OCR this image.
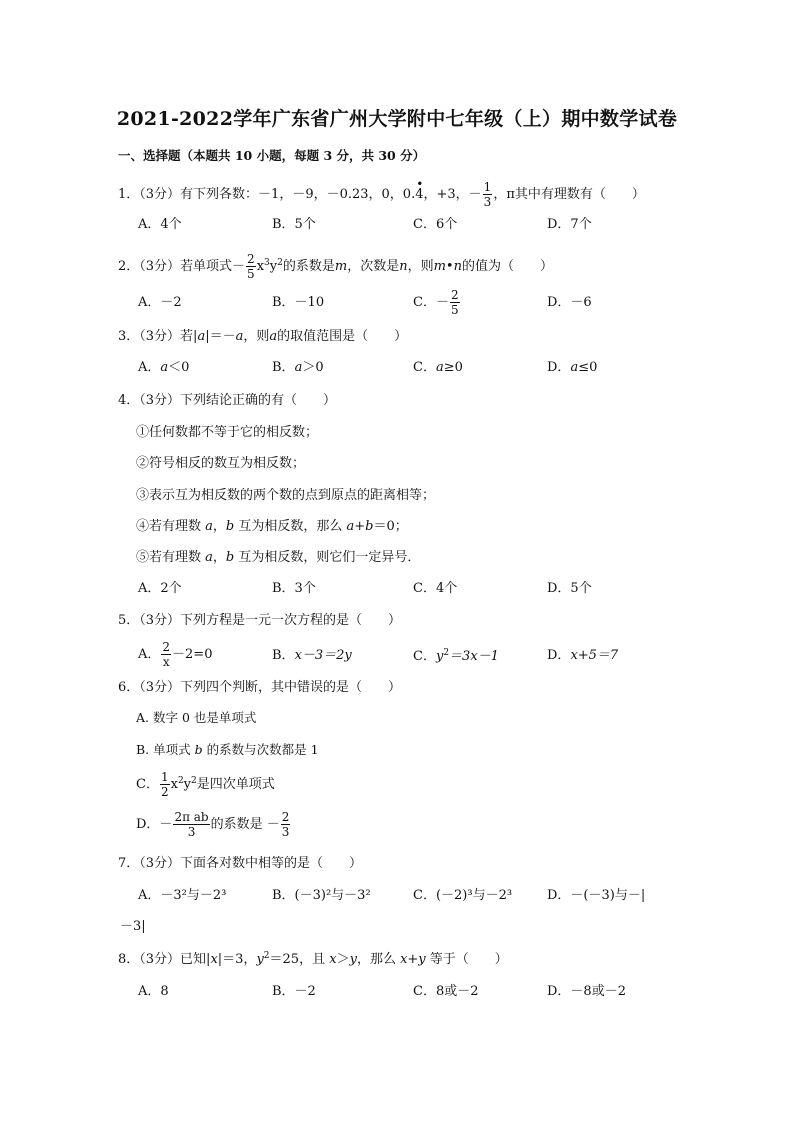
2021-2022学年广东省广州大学附中七年级（上）期中数学试卷
一、选择题（本题共 10 小题，每题 3 分，共 30 分）
1．（3分）有下列各数：－1，－9，－0.23，0，0.
•
4，+3，－ $\frac{1}{3}$ ，π其中有理数有（　　）
A．4个	B．5个	C．6个	D．7个
2．（3分）若单项式－ $\frac{2}{5} x^3y^2$的系数是m，次数是n，则m•n的值为（　　）
A．－2	B．－10	C．－ $\frac{2}{5}$	D．－6
3．（3分）若|a|＝－a，则a的取值范围是（　　）
A．a＜0	B．a＞0	C．a≥0	D．a≤0
4．（3分）下列结论正确的有（　　）
①任何数都不等于它的相反数；
②符号相反的数互为相反数；
③表示互为相反数的两个数的点到原点的距离相等；
④若有理数 a，b 互为相反数，那么 a+b＝0；
⑤若有理数 a，b 互为相反数，则它们一定异号．
A．2个	B．3个	C．4个	D．5个
5．（3分）下列方程是一元一次方程的是（　　）
A． $\frac{2}{x} -2=0$	B．x－3＝2y	C．$y^2=3x-1$	D．x+5＝7
6．（3分）下列四个判断，其中错误的是（　　）
A. 数字 0 也是单项式
B. 单项式 b 的系数与次数都是 1
C． $\frac{1}{2} x^2y^2$是四次单项式
D．－ $\frac{\text{2π ab}}{3}$ 的系数是 － $\frac{2}{3}$
7．（3分）下面各对数中相等的是（　　）
A．－3²与－2³	B．(－3)²与－3²	C．(－2)³与－2³	D．－(－3)与－|
－3|
8．（3分）已知|x|＝3，$y^2=25$，且 x＞y，那么 x+y 等于（　　）
A．8	B．－2	C．8或－2	D．－8或－2
